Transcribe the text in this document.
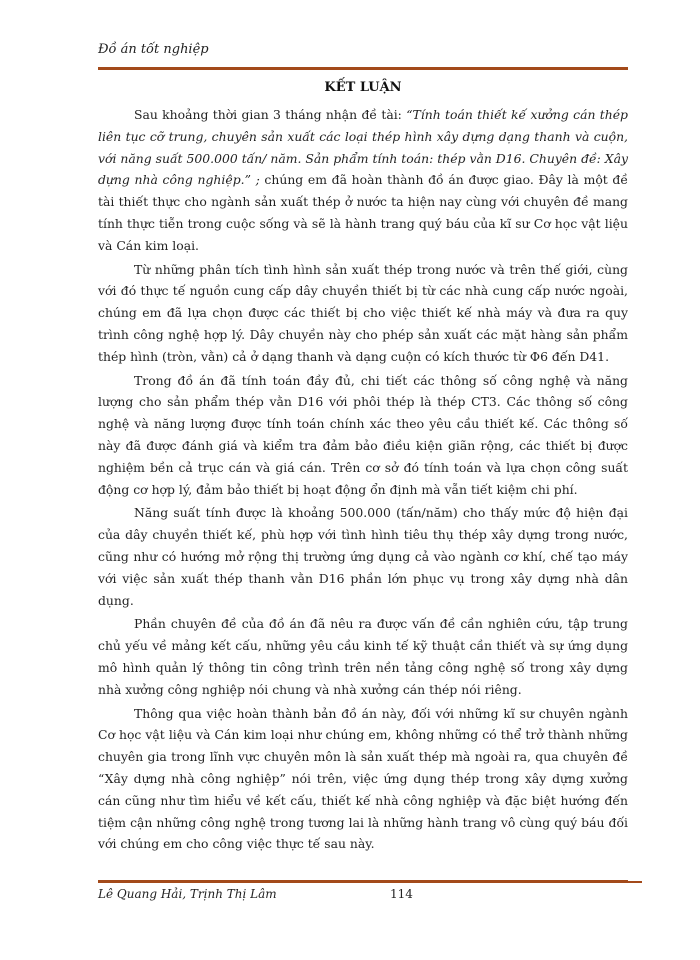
Đồ án tốt nghiệp
KẾT LUẬN

Sau khoảng thời gian 3 tháng nhận đề tài: “Tính toán thiết kế xưởng cán thép liên tục cỡ trung, chuyên sản xuất các loại thép hình xây dựng dạng thanh và cuộn, với năng suất 500.000 tấn/ năm. Sản phẩm tính toán: thép vằn D16. Chuyên đề: Xây dựng nhà công nghiệp.” ; chúng em đã hoàn thành đồ án được giao. Đây là một đề tài thiết thực cho ngành sản xuất thép ở nước ta hiện nay cùng với chuyên đề mang tính thực tiễn trong cuộc sống và sẽ là hành trang quý báu của kĩ sư Cơ học vật liệu và Cán kim loại.

Từ những phân tích tình hình sản xuất thép trong nước và trên thế giới, cùng với đó thực tế nguồn cung cấp dây chuyền thiết bị từ các nhà cung cấp nước ngoài, chúng em đã lựa chọn được các thiết bị cho việc thiết kế nhà máy và đưa ra quy trình công nghệ hợp lý. Dây chuyền này cho phép sản xuất các mặt hàng sản phẩm thép hình (tròn, vằn) cả ở dạng thanh và dạng cuộn có kích thước từ Φ6 đến D41.

Trong đồ án đã tính toán đầy đủ, chi tiết các thông số công nghệ và năng lượng cho sản phẩm thép vằn D16 với phôi thép là thép CT3. Các thông số công nghệ và năng lượng được tính toán chính xác theo yêu cầu thiết kế. Các thông số này đã được đánh giá và kiểm tra đảm bảo điều kiện giãn rộng, các thiết bị được nghiệm bền cả trục cán và giá cán. Trên cơ sở đó tính toán và lựa chọn công suất động cơ hợp lý, đảm bảo thiết bị hoạt động ổn định mà vẫn tiết kiệm chi phí.

Năng suất tính được là khoảng 500.000 (tấn/năm) cho thấy mức độ hiện đại của dây chuyền thiết kế, phù hợp với tình hình tiêu thụ thép xây dựng trong nước, cũng như có hướng mở rộng thị trường ứng dụng cả vào ngành cơ khí, chế tạo máy với việc sản xuất thép thanh vằn D16 phần lớn phục vụ trong xây dựng nhà dân dụng.

Phần chuyên đề của đồ án đã nêu ra được vấn đề cần nghiên cứu, tập trung chủ yếu về mảng kết cấu, những yêu cầu kinh tế kỹ thuật cần thiết và sự ứng dụng mô hình quản lý thông tin công trình trên nền tảng công nghệ số trong xây dựng nhà xưởng công nghiệp nói chung và nhà xưởng cán thép nói riêng.

Thông qua việc hoàn thành bản đồ án này, đối với những kĩ sư chuyên ngành Cơ học vật liệu và Cán kim loại như chúng em, không những có thể trở thành những chuyên gia trong lĩnh vực chuyên môn là sản xuất thép mà ngoài ra, qua chuyên đề “Xây dựng nhà công nghiệp” nói trên, việc ứng dụng thép trong xây dựng xưởng cán cũng như tìm hiểu về kết cấu, thiết kế nhà công nghiệp và đặc biệt hướng đến tiệm cận những công nghệ trong tương lai là những hành trang vô cùng quý báu đối với chúng em cho công việc thực tế sau này.

Lê Quang Hải, Trịnh Thị Lâm	114
